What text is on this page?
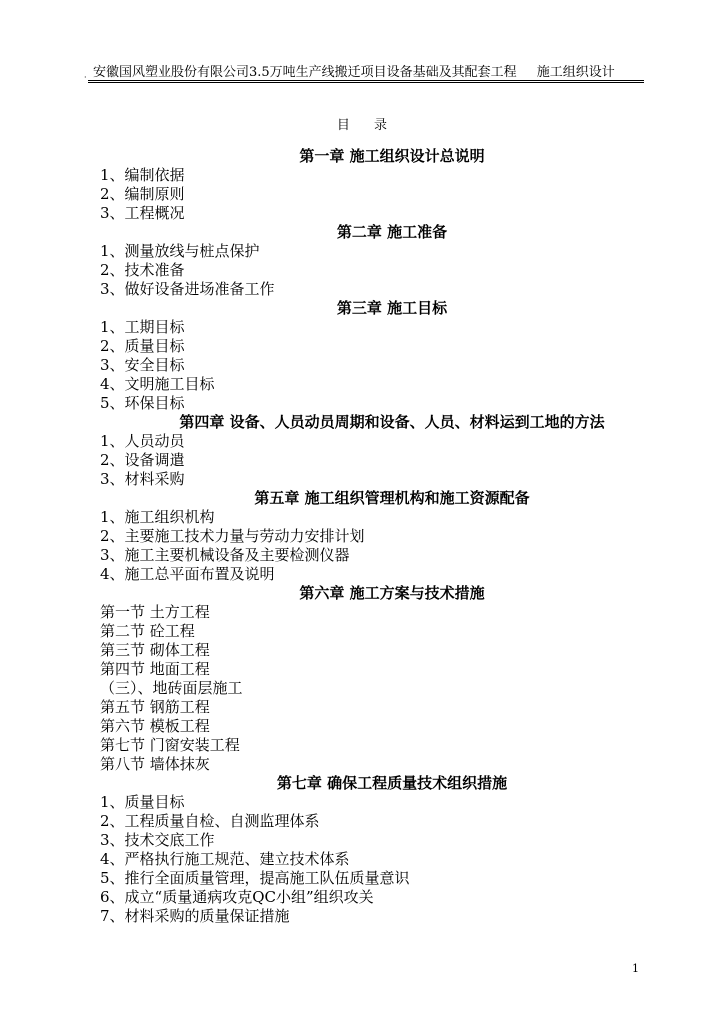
安徽国风塑业股份有限公司3.5万吨生产线搬迁项目设备基础及其配套工程 施工组织设计
·
目 录
第一章 施工组织设计总说明
1、编制依据
2、编制原则
3、工程概况
第二章 施工准备
1、测量放线与桩点保护
2、技术准备
3、做好设备进场准备工作
第三章 施工目标
1、工期目标
2、质量目标
3、安全目标
4、文明施工目标
5、环保目标
第四章 设备、人员动员周期和设备、人员、材料运到工地的方法
1、人员动员
2、设备调遣
3、材料采购
第五章 施工组织管理机构和施工资源配备
1、施工组织机构
2、主要施工技术力量与劳动力安排计划
3、施工主要机械设备及主要检测仪器
4、施工总平面布置及说明
第六章 施工方案与技术措施
第一节 土方工程
第二节 砼工程
第三节 砌体工程
第四节 地面工程
（三）、地砖面层施工
第五节 钢筋工程
第六节 模板工程
第七节 门窗安装工程
第八节 墙体抹灰
第七章 确保工程质量技术组织措施
1、质量目标
2、工程质量自检、自测监理体系
3、技术交底工作
4、严格执行施工规范、建立技术体系
5、推行全面质量管理，提高施工队伍质量意识
6、成立“质量通病攻克QC小组”组织攻关
7、材料采购的质量保证措施
1
